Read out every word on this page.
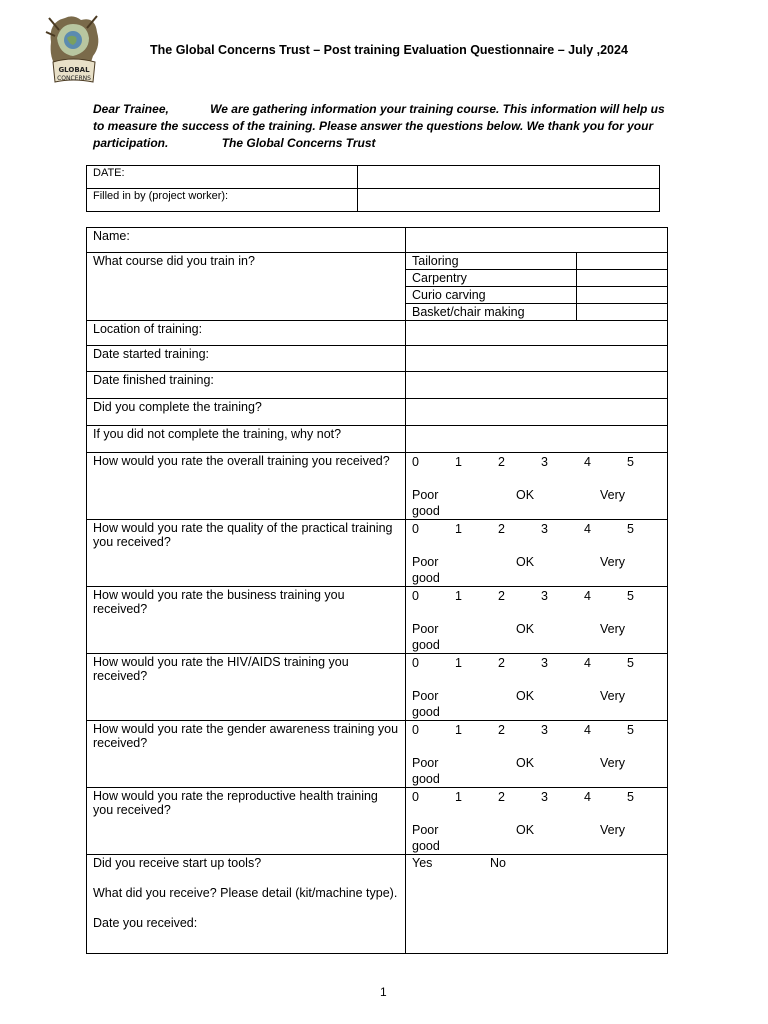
GLOBAL
CONCERNS
The Global Concerns Trust – Post training Evaluation Questionnaire – July ,2024
Dear Trainee,	We are gathering information your training course. This information will help us to measure the success of the training. Please answer the questions below. We thank you for your participation.	The Global Concerns Trust
DATE:	
Filled in by (project worker):	
Name:	
What course did you train in?		Tailoring	
Carpentry	
Curio carving	
Basket/chair making	

Location of training:	
Date started training:	
Date finished training:	
Did you complete the training?	
If you did not complete the training, why not?	
How would you rate the overall training you received?	0	1	2	3	4	5
Poor	OK	Very
good

How would you rate the quality of the practical training you received?	
0	1	2	3	4	5
Poor	OK	Very
good

How would you rate the business training you received?	
0	1	2	3	4	5
Poor	OK	Very
good

How would you rate the HIV/AIDS training you received?	
0	1	2	3	4	5
Poor	OK	Very
good

How would you rate the gender awareness training you received?	
0	1	2	3	4	5
Poor	OK	Very
good

How would you rate the reproductive health training you received?	
0	1	2	3	4	5
Poor	OK	Very
good

Did you receive start up tools?
What did you receive? Please detail (kit/machine type).
Date you received:
	Yes	No
1
